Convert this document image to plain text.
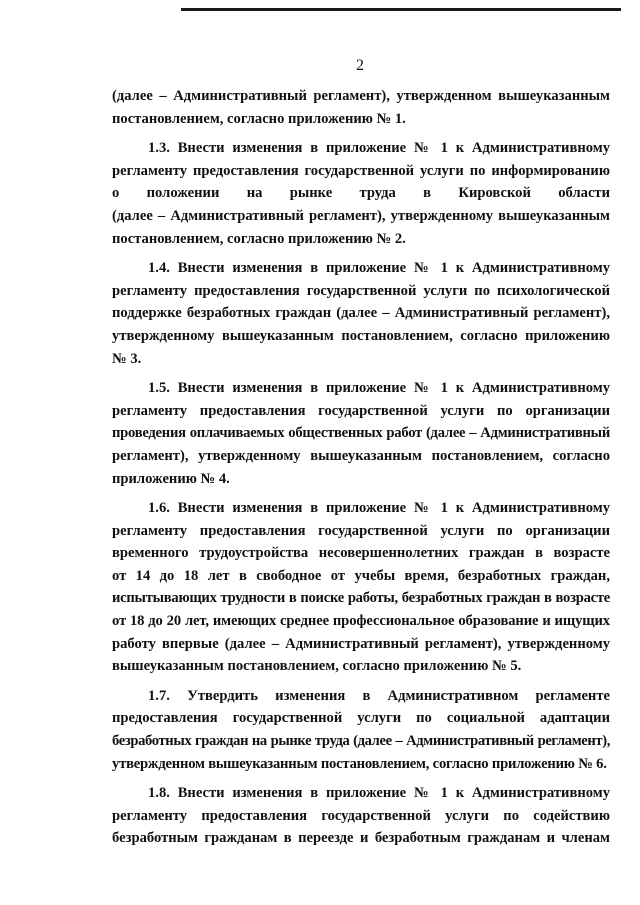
2

(далее – Административный регламент), утвержденном вышеуказанным
постановлением, согласно приложению № 1.

1.3. Внести изменения в приложение № 1 к Административному
регламенту предоставления государственной услуги по информированию
о положении на рынке труда в Кировской области
(далее – Административный регламент), утвержденному вышеуказанным
постановлением, согласно приложению № 2.

1.4. Внести изменения в приложение № 1 к Административному
регламенту предоставления государственной услуги по психологической
поддержке безработных граждан (далее – Административный регламент),
утвержденному вышеуказанным постановлением, согласно приложению
№ 3.

1.5. Внести изменения в приложение № 1 к Административному
регламенту предоставления государственной услуги по организации
проведения оплачиваемых общественных работ (далее – Административный
регламент), утвержденному вышеуказанным постановлением, согласно
приложению № 4.

1.6. Внести изменения в приложение № 1 к Административному
регламенту предоставления государственной услуги по организации
временного трудоустройства несовершеннолетних граждан в возрасте
от 14 до 18 лет в свободное от учебы время, безработных граждан,
испытывающих трудности в поиске работы, безработных граждан в возрасте
от 18 до 20 лет, имеющих среднее профессиональное образование и ищущих
работу впервые (далее – Административный регламент), утвержденному
вышеуказанным постановлением, согласно приложению № 5.

1.7. Утвердить изменения в Административном регламенте
предоставления государственной услуги по социальной адаптации
безработных граждан на рынке труда (далее – Административный регламент),
утвержденном вышеуказанным постановлением, согласно приложению № 6.

1.8. Внести изменения в приложение № 1 к Административному
регламенту предоставления государственной услуги по содействию
безработным гражданам в переезде и безработным гражданам и членам
